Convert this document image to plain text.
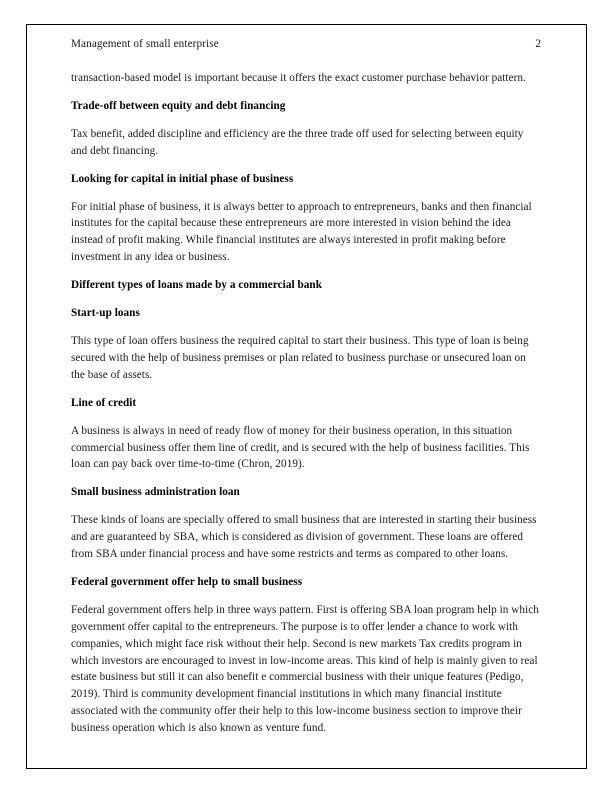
Management of small enterprise	2

transaction-based model is important because it offers the exact customer purchase behavior pattern.

Trade-off between equity and debt financing

Tax benefit, added discipline and efficiency are the three trade off used for selecting between equity and debt financing.

Looking for capital in initial phase of business

For initial phase of business, it is always better to approach to entrepreneurs, banks and then financial institutes for the capital because these entrepreneurs are more interested in vision behind the idea instead of profit making. While financial institutes are always interested in profit making before investment in any idea or business.

Different types of loans made by a commercial bank
Start-up loans

This type of loan offers business the required capital to start their business. This type of loan is being secured with the help of business premises or plan related to business purchase or unsecured loan on the base of assets.

Line of credit

A business is always in need of ready flow of money for their business operation, in this situation commercial business offer them line of credit, and is secured with the help of business facilities. This loan can pay back over time-to-time (Chron, 2019).

Small business administration loan

These kinds of loans are specially offered to small business that are interested in starting their business and are guaranteed by SBA, which is considered as division of government. These loans are offered from SBA under financial process and have some restricts and terms as compared to other loans.

Federal government offer help to small business

Federal government offers help in three ways pattern. First is offering SBA loan program help in which government offer capital to the entrepreneurs. The purpose is to offer lender a chance to work with companies, which might face risk without their help. Second is new markets Tax credits program in which investors are encouraged to invest in low-income areas. This kind of help is mainly given to real estate business but still it can also benefit e commercial business with their unique features (Pedigo, 2019). Third is community development financial institutions in which many financial institute associated with the community offer their help to this low-income business section to improve their business operation which is also known as venture fund.
